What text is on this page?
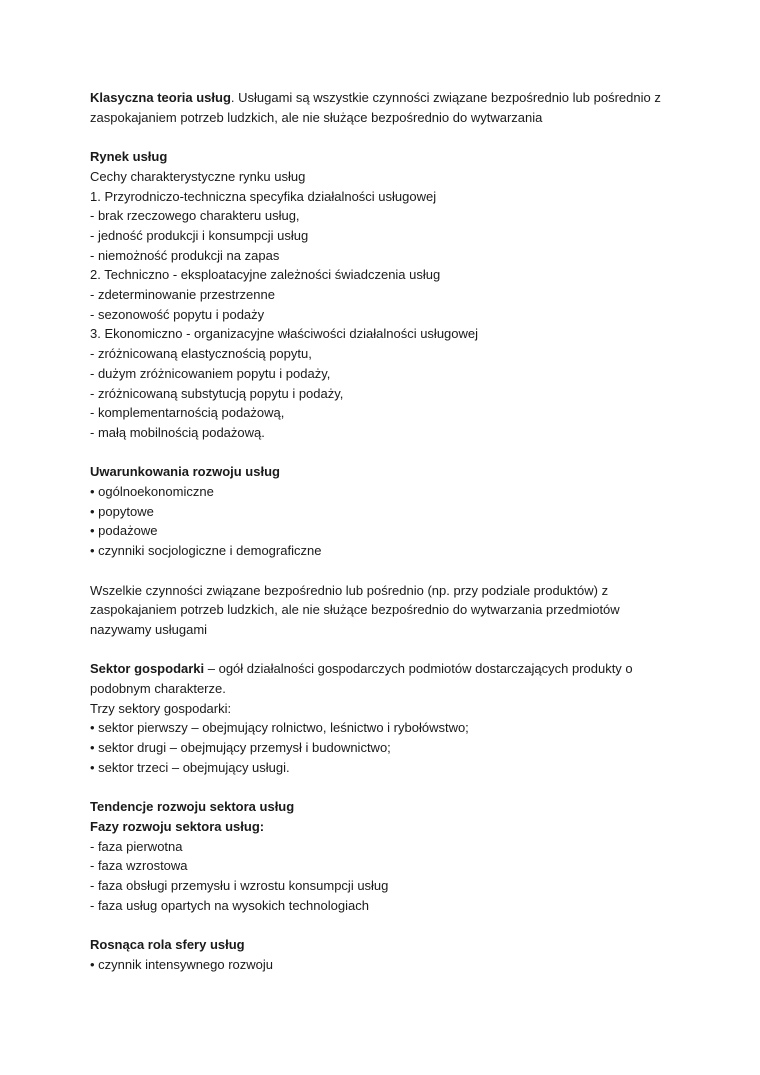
Klasyczna teoria usług. Usługami są wszystkie czynności związane bezpośrednio lub pośrednio z

zaspokajaniem potrzeb ludzkich, ale nie służące bezpośrednio do wytwarzania

Rynek usług

Cechy charakterystyczne rynku usług

1. Przyrodniczo-techniczna specyfika działalności usługowej

- brak rzeczowego charakteru usług,

- jedność produkcji i konsumpcji usług

- niemożność produkcji na zapas

2. Techniczno - eksploatacyjne zależności świadczenia usług

- zdeterminowanie przestrzenne

- sezonowość popytu i podaży

3. Ekonomiczno - organizacyjne właściwości działalności usługowej

- zróżnicowaną elastycznością popytu,

- dużym zróżnicowaniem popytu i podaży,

- zróżnicowaną substytucją popytu i podaży,

- komplementarnością podażową,

- małą mobilnością podażową.

Uwarunkowania rozwoju usług

• ogólnoekonomiczne

• popytowe

• podażowe

• czynniki socjologiczne i demograficzne

Wszelkie czynności związane bezpośrednio lub pośrednio (np. przy podziale produktów) z

zaspokajaniem potrzeb ludzkich, ale nie służące bezpośrednio do wytwarzania przedmiotów

nazywamy usługami

Sektor gospodarki – ogół działalności gospodarczych podmiotów dostarczających produkty o

podobnym charakterze.

Trzy sektory gospodarki:

• sektor pierwszy – obejmujący rolnictwo, leśnictwo i rybołówstwo;

• sektor drugi – obejmujący przemysł i budownictwo;

• sektor trzeci – obejmujący usługi.

Tendencje rozwoju sektora usług

Fazy rozwoju sektora usług:

- faza pierwotna

- faza wzrostowa

- faza obsługi przemysłu i wzrostu konsumpcji usług

- faza usług opartych na wysokich technologiach

Rosnąca rola sfery usług

• czynnik intensywnego rozwoju
